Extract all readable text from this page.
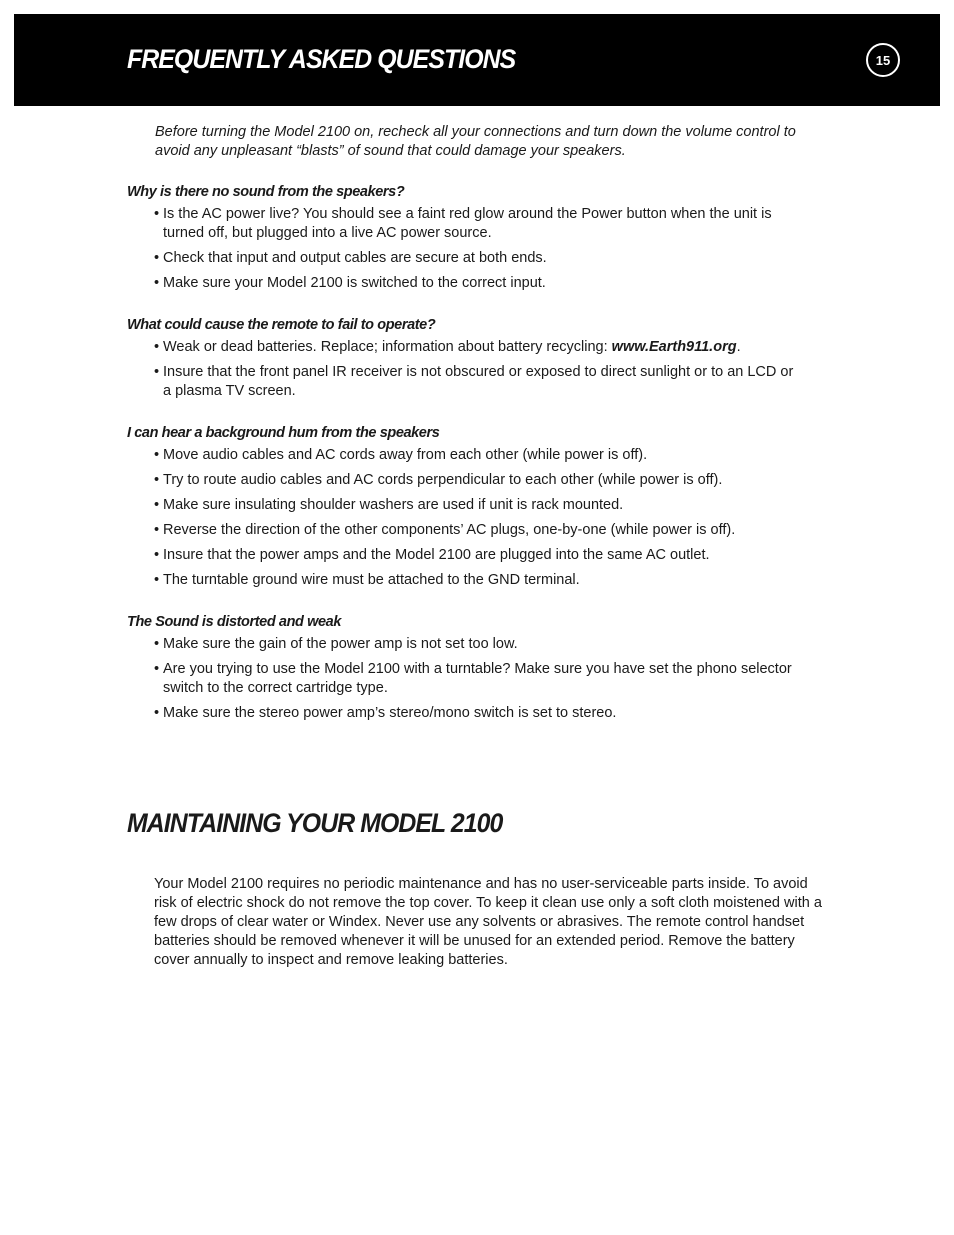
FREQUENTLY ASKED QUESTIONS	15

Before turning the Model 2100 on, recheck all your connections and turn down the volume control to avoid any unpleasant “blasts” of sound that could damage your speakers.

Why is there no sound from the speakers?
• Is the AC power live? You should see a faint red glow around the Power button when the unit is turned off, but plugged into a live AC power source.
• Check that input and output cables are secure at both ends.
• Make sure your Model 2100 is switched to the correct input.
What could cause the remote to fail to operate?
• Weak or dead batteries. Replace; information about battery recycling: www.Earth911.org.
• Insure that the front panel IR receiver is not obscured or exposed to direct sunlight or to an LCD or a plasma TV screen.
I can hear a background hum from the speakers
• Move audio cables and AC cords away from each other (while power is off).
• Try to route audio cables and AC cords perpendicular to each other (while power is off).
• Make sure insulating shoulder washers are used if unit is rack mounted.
• Reverse the direction of the other components’ AC plugs, one-by-one (while power is off).
• Insure that the power amps and the Model 2100 are plugged into the same AC outlet.
• The turntable ground wire must be attached to the GND terminal.
The Sound is distorted and weak
• Make sure the gain of the power amp is not set too low.
• Are you trying to use the Model 2100 with a turntable? Make sure you have set the phono selector switch to the correct cartridge type.
• Make sure the stereo power amp’s stereo/mono switch is set to stereo.
MAINTAINING YOUR MODEL 2100

Your Model 2100 requires no periodic maintenance and has no user-serviceable parts inside. To avoid risk of electric shock do not remove the top cover. To keep it clean use only a soft cloth moistened with a few drops of clear water or Windex. Never use any solvents or abrasives. The remote control handset batteries should be removed whenever it will be unused for an extended period. Remove the battery cover annually to inspect and remove leaking batteries.
